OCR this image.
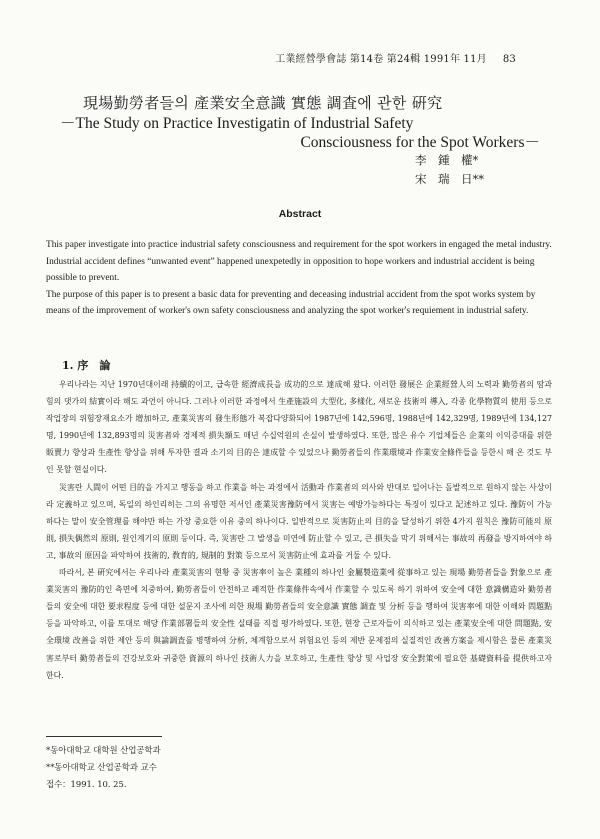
工業經營學會誌 第14卷 第24輯 1991年 11月 83
現場勤勞者들의 產業安全意識 實態 調査에 관한 硏究
－The Study on Practice Investigatin of Industrial Safety
Consciousness for the Spot Workers－
李　鍾　權*
宋　瑞　日**
Abstract

This paper investigate into practice industrial safety consciousness and requirement for the spot workers in engaged the metal industry.

Industrial accident defines “unwanted event” happened unexpetedly in opposition to hope workers and industrial accident is being possible to prevent.

The purpose of this paper is to present a basic data for preventing and deceasing industrial accident from the spot works system by means of the improvement of worker's own safety consciousness and analyzing the spot worker's requiement in industrial safety.

1. 序　論

우리나라는 지난 1970년대이래 持續的이고, 급속한 經濟成長을 成功的으로 達成해 왔다. 이러한 發展은 企業經營人의 노력과 勤勞者의 땀과 힘의 댓가의 結實이라 해도 과언이 아니다. 그러나 이러한 과정에서 生產施設의 大型化, 多樣化, 새로운 技術의 導入, 각종 化學物質의 使用 등으로 작업장의 위험장재요소가 增加하고, 產業災害의 發生形態가 복잡다양화되어 1987년에 142,596명, 1988년에 142,329명, 1989년에 134,127명, 1990년에 132,893명의 災害者와 경제적 損失額도 매년 수십억원의 손실이 발생하였다. 또한, 많은 유수 기업체들은 企業의 이익증대를 위한 販賣力 향상과 生產性 향상을 위해 투자한 결과 소기의 目的은 達成할 수 있었으나 勤勞者들의 作業環境과 作業安全條件들을 등한시 해 온 것도 부인 못할 현실이다.

災害란 人間이 어떤 目的을 가지고 행동을 하고 作業을 하는 과정에서 活動과 作業者의 의사와 반대로 일어나는 돌발적으로 원하지 않는 사상이라 定義하고 있으며, 독일의 하인리히는 그의 유명한 저서인 產業災害豫防에서 災害는 예방가능하다는 특징이 있다고 記述하고 있다. 豫防이 가능하다는 말이 安全管理를 해야만 하는 가장 중요한 이유 중의 하나이다. 일반적으로 災害防止의 目的을 달성하기 위한 4가지 원칙은 豫防可能의 原則, 損失偶然의 原則, 원인계기의 原則 등이다. 즉, 災害란 그 발생을 미연에 防止할 수 있고, 큰 損失을 막기 위해서는 事故의 再發을 방지하여야 하고, 事故의 原因을 파악하여 技術的, 敎育的, 規制的 對策 등으로서 災害防止에 효과를 거둘 수 있다.

따라서, 본 硏究에서는 우리나라 產業災害의 현황 중 災害率이 높은 業種의 하나인 金屬製造業에 從事하고 있는 現場 勤勞者들을 對象으로 產業災害의 豫防的인 측면에 치중하여, 勤勞者들이 안전하고 쾌적한 作業條件속에서 作業할 수 있도록 하기 위하여 安全에 대한 意識構造와 勤勞者들의 安全에 대한 要求程度 등에 대한 설문지 조사에 의한 現場 勤勞者들의 安全意識 實態 調査 및 分析 등을 행하여 災害率에 대한 이해와 問題點 등을 파악하고, 이를 토대로 해당 作業部署들의 安全性 실태를 직접 평가하였다. 또한, 현장 근로자들이 의식하고 있는 產業安全에 대한 問題點, 安全環境 改善을 위한 제안 등의 與論調査를 병행하여 分析, 체계함으로서 위험요인 등의 제반 문제점의 실질적인 改善方案을 제시함은 물론 產業災害로부터 勤勞者들의 건강보호와 귀중한 資源의 하나인 技術人力을 보호하고, 生產性 향상 및 사업장 安全對策에 필요한 基礎資料를 提供하고자 한다.

*동아대학교 대학원 산업공학과
**동아대학교 산업공학과 교수
접수：1991. 10. 25.
